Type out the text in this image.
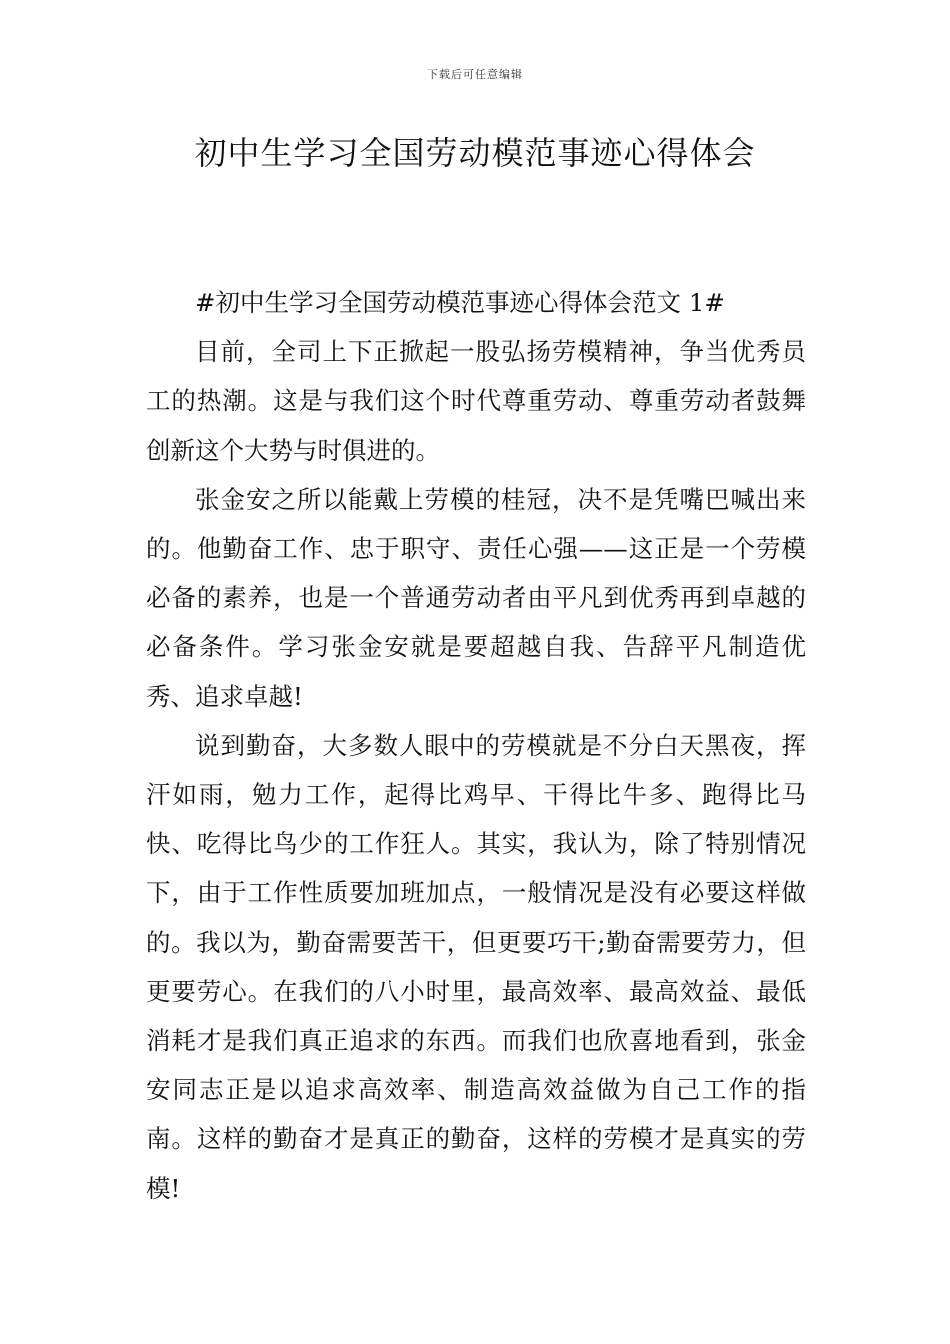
下载后可任意编辑
初中生学习全国劳动模范事迹心得体会

#初中生学习全国劳动模范事迹心得体会范文 1#

目前，全司上下正掀起一股弘扬劳模精神，争当优秀员工的热潮。这是与我们这个时代尊重劳动、尊重劳动者鼓舞创新这个大势与时俱进的。

张金安之所以能戴上劳模的桂冠，决不是凭嘴巴喊出来的。他勤奋工作、忠于职守、责任心强——这正是一个劳模必备的素养，也是一个普通劳动者由平凡到优秀再到卓越的必备条件。学习张金安就是要超越自我、告辞平凡制造优秀、追求卓越!

说到勤奋，大多数人眼中的劳模就是不分白天黑夜，挥汗如雨，勉力工作，起得比鸡早、干得比牛多、跑得比马快、吃得比鸟少的工作狂人。其实，我认为，除了特别情况下，由于工作性质要加班加点，一般情况是没有必要这样做的。我以为，勤奋需要苦干，但更要巧干;勤奋需要劳力，但更要劳心。在我们的八小时里，最高效率、最高效益、最低消耗才是我们真正追求的东西。而我们也欣喜地看到，张金安同志正是以追求高效率、制造高效益做为自己工作的指南。这样的勤奋才是真正的勤奋，这样的劳模才是真实的劳模!
